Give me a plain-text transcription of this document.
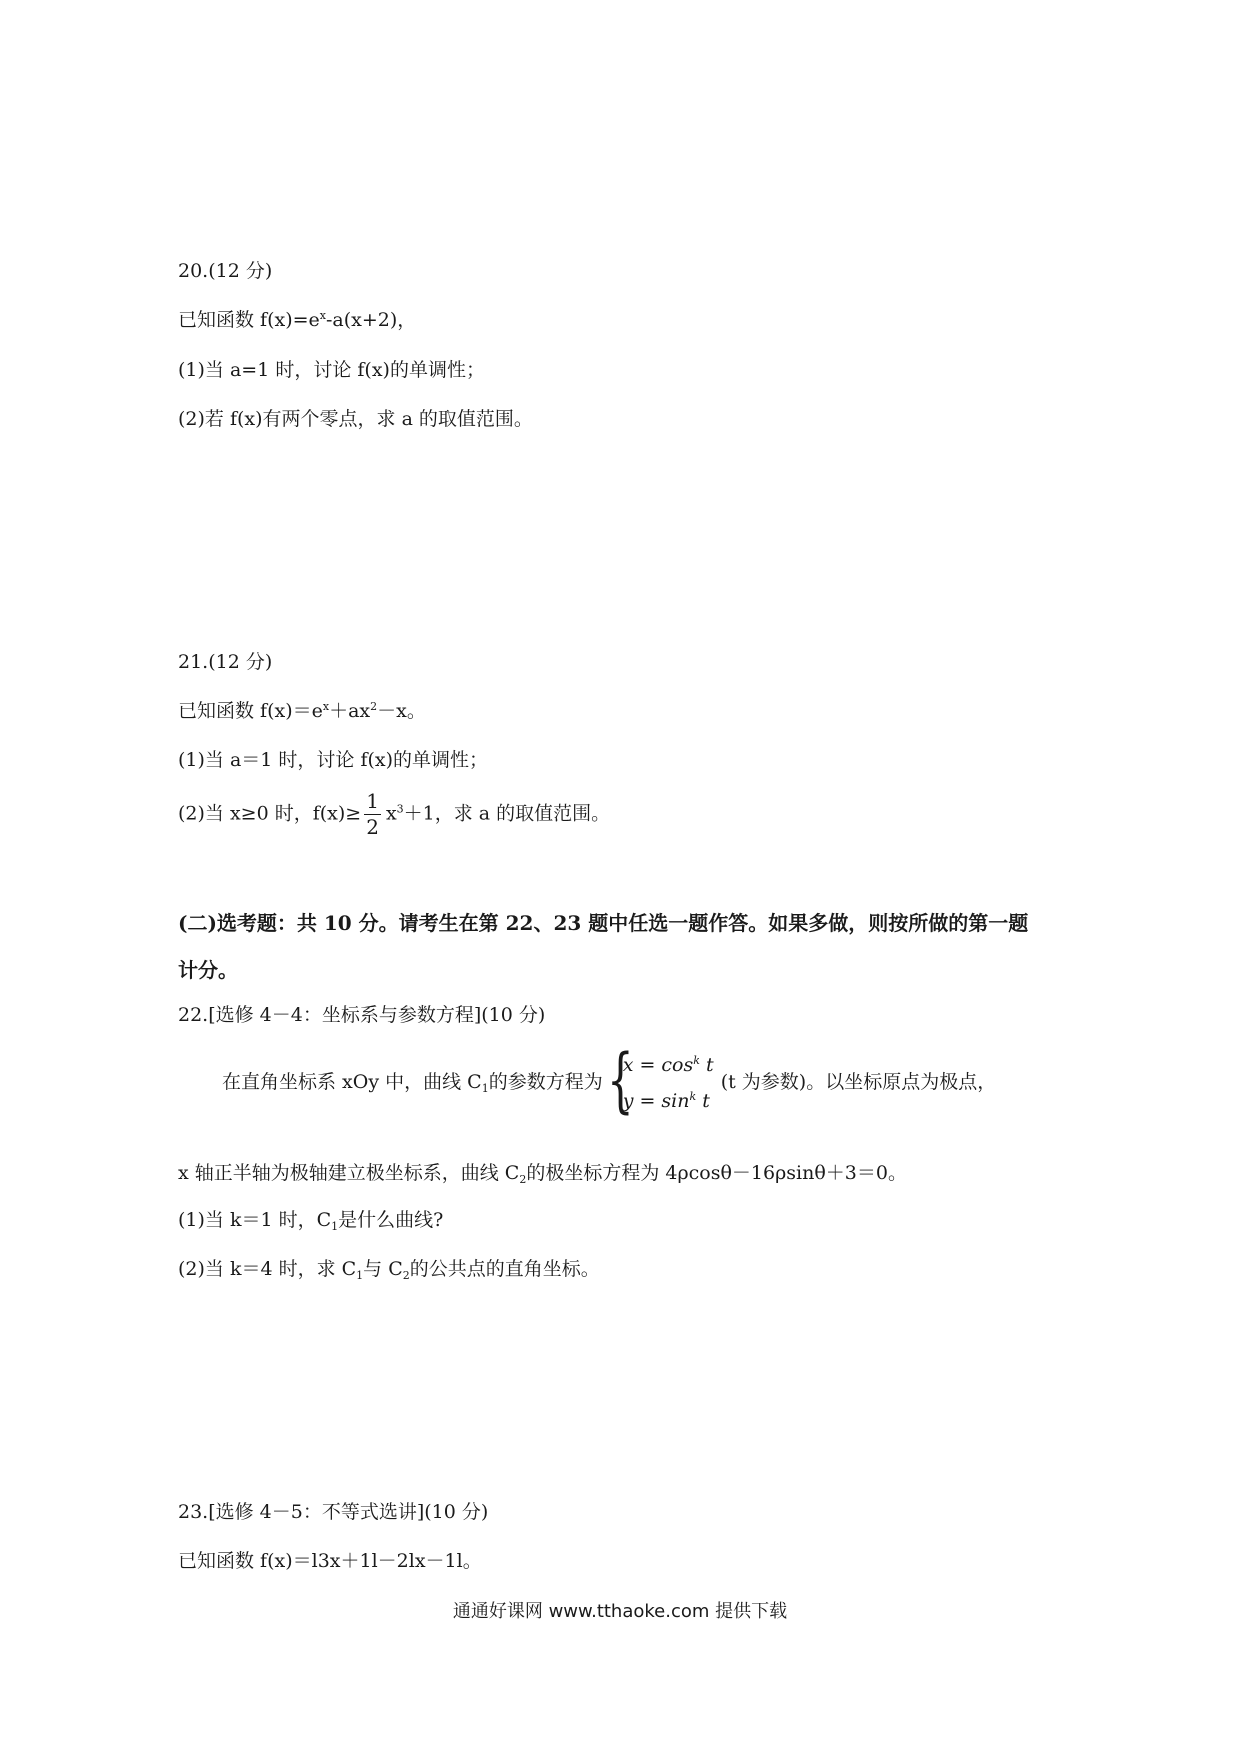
20.(12 分)
已知函数 $f(x)=e^x-a(x+2)$，
(1)当 a=1 时，讨论 f(x)的单调性；
(2)若 f(x)有两个零点，求 a 的取值范围。
21.(12 分)
已知函数 $f(x)=e^x+ax^2-x$。
(1)当 a＝1 时，讨论 f(x)的单调性；
(2)当 x≥0 时，$f(x)\ge \frac{1}{2} x^3+1$，求 a 的取值范围。
(二)选考题：共 10 分。请考生在第 22、23 题中任选一题作答。如果多做，则按所做的第一题
计分。
22.[选修 4－4：坐标系与参数方程](10 分)
在直角坐标系 xOy 中，曲线 $C_1$的参数方程为 {
$x = \cos^k t$
$y = \sin^k t$
(t 为参数)。以坐标原点为极点，
x 轴正半轴为极轴建立极坐标系，曲线 $C_2$的极坐标方程为 4ρcosθ－16ρsinθ＋3＝0。
(1)当 k＝1 时，$C_1$是什么曲线?
(2)当 k＝4 时，求 $C_1$与 $C_2$的公共点的直角坐标。
23.[选修 4－5：不等式选讲](10 分)
已知函数 f(x)＝l3x＋1l－2lx－1l。
通通好课网 www.tthaoke.com 提供下载
